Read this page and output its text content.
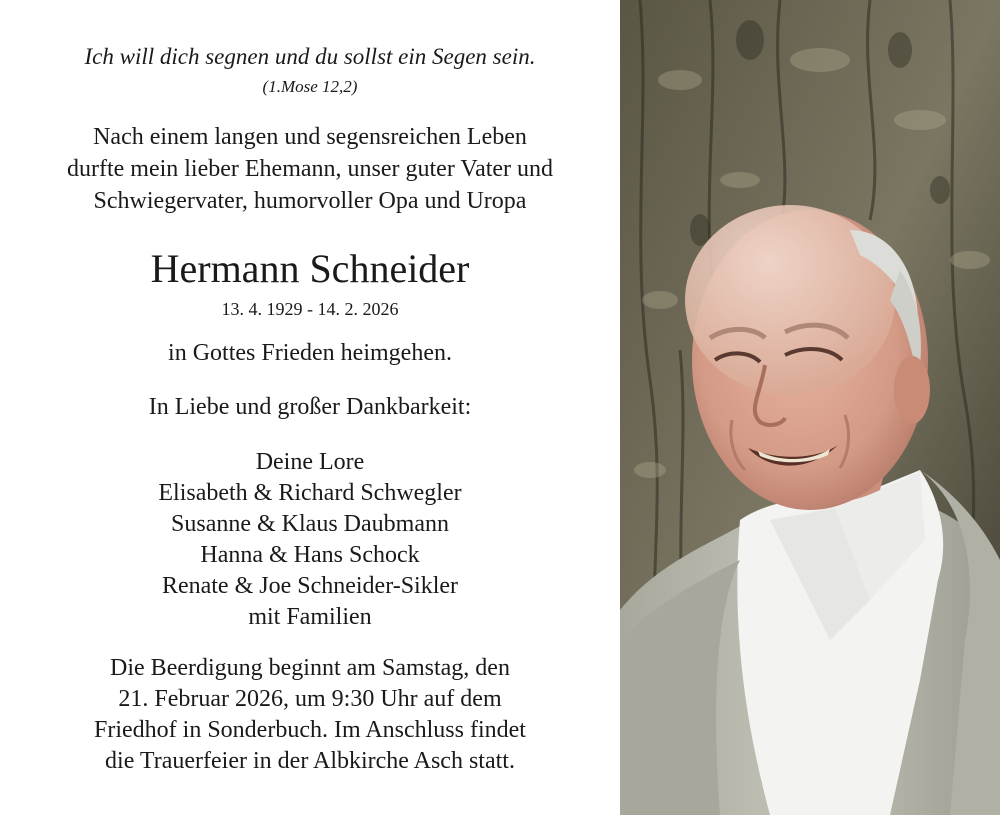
Ich will dich segnen und du sollst ein Segen sein.
(1.Mose 12,2)
Nach einem langen und segensreichen Leben
durfte mein lieber Ehemann, unser guter Vater und
Schwiegervater, humorvoller Opa und Uropa
Hermann Schneider
13. 4. 1929 - 14. 2. 2026
in Gottes Frieden heimgehen.
In Liebe und großer Dankbarkeit:
Deine Lore
Elisabeth & Richard Schwegler
Susanne & Klaus Daubmann
Hanna & Hans Schock
Renate & Joe Schneider-Sikler
mit Familien
Die Beerdigung beginnt am Samstag, den
21. Februar 2026, um 9:30 Uhr auf dem
Friedhof in Sonderbuch. Im Anschluss findet
die Trauerfeier in der Albkirche Asch statt.
